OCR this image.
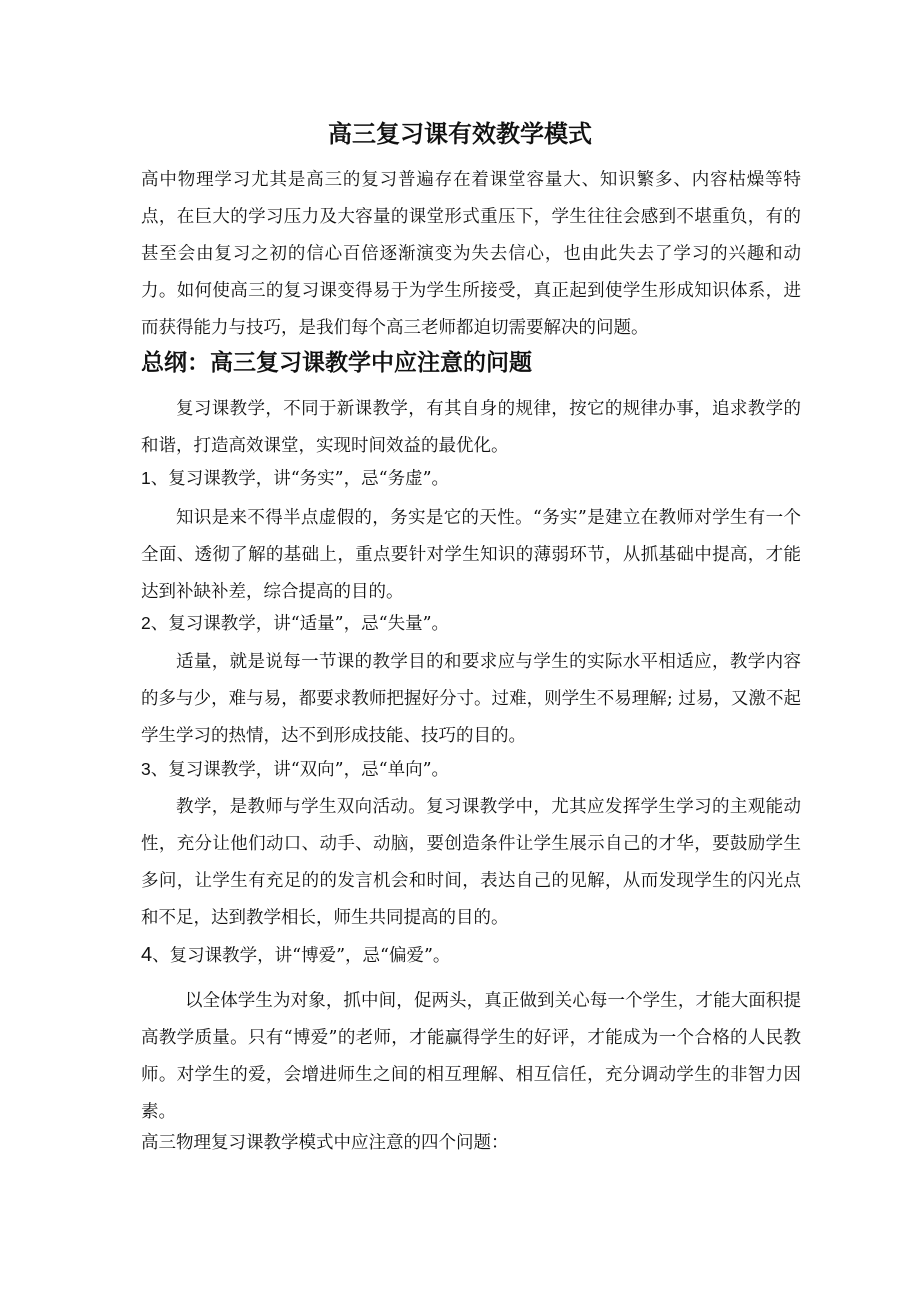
高三复习课有效教学模式
高中物理学习尤其是高三的复习普遍存在着课堂容量大、知识繁多、内容枯燥等特点，在巨大的学习压力及大容量的课堂形式重压下，学生往往会感到不堪重负，有的甚至会由复习之初的信心百倍逐渐演变为失去信心，也由此失去了学习的兴趣和动力。如何使高三的复习课变得易于为学生所接受，真正起到使学生形成知识体系，进而获得能力与技巧，是我们每个高三老师都迫切需要解决的问题。
总纲：高三复习课教学中应注意的问题
复习课教学，不同于新课教学，有其自身的规律，按它的规律办事，追求教学的和谐，打造高效课堂，实现时间效益的最优化。
1、复习课教学，讲“务实”，忌“务虚”。
知识是来不得半点虚假的，务实是它的天性。“务实”是建立在教师对学生有一个全面、透彻了解的基础上，重点要针对学生知识的薄弱环节，从抓基础中提高，才能达到补缺补差，综合提高的目的。
2、复习课教学，讲“适量”，忌“失量”。
适量，就是说每一节课的教学目的和要求应与学生的实际水平相适应，教学内容的多与少，难与易，都要求教师把握好分寸。过难，则学生不易理解; 过易，又激不起学生学习的热情，达不到形成技能、技巧的目的。
3、复习课教学，讲“双向”，忌“单向”。
教学，是教师与学生双向活动。复习课教学中，尤其应发挥学生学习的主观能动性，充分让他们动口、动手、动脑，要创造条件让学生展示自己的才华，要鼓励学生多问，让学生有充足的的发言机会和时间，表达自己的见解，从而发现学生的闪光点和不足，达到教学相长，师生共同提高的目的。
4、复习课教学，讲“博爱”，忌“偏爱”。
以全体学生为对象，抓中间，促两头，真正做到关心每一个学生，才能大面积提高教学质量。只有“博爱”的老师，才能赢得学生的好评，才能成为一个合格的人民教师。对学生的爱，会增进师生之间的相互理解、相互信任，充分调动学生的非智力因素。
高三物理复习课教学模式中应注意的四个问题：
